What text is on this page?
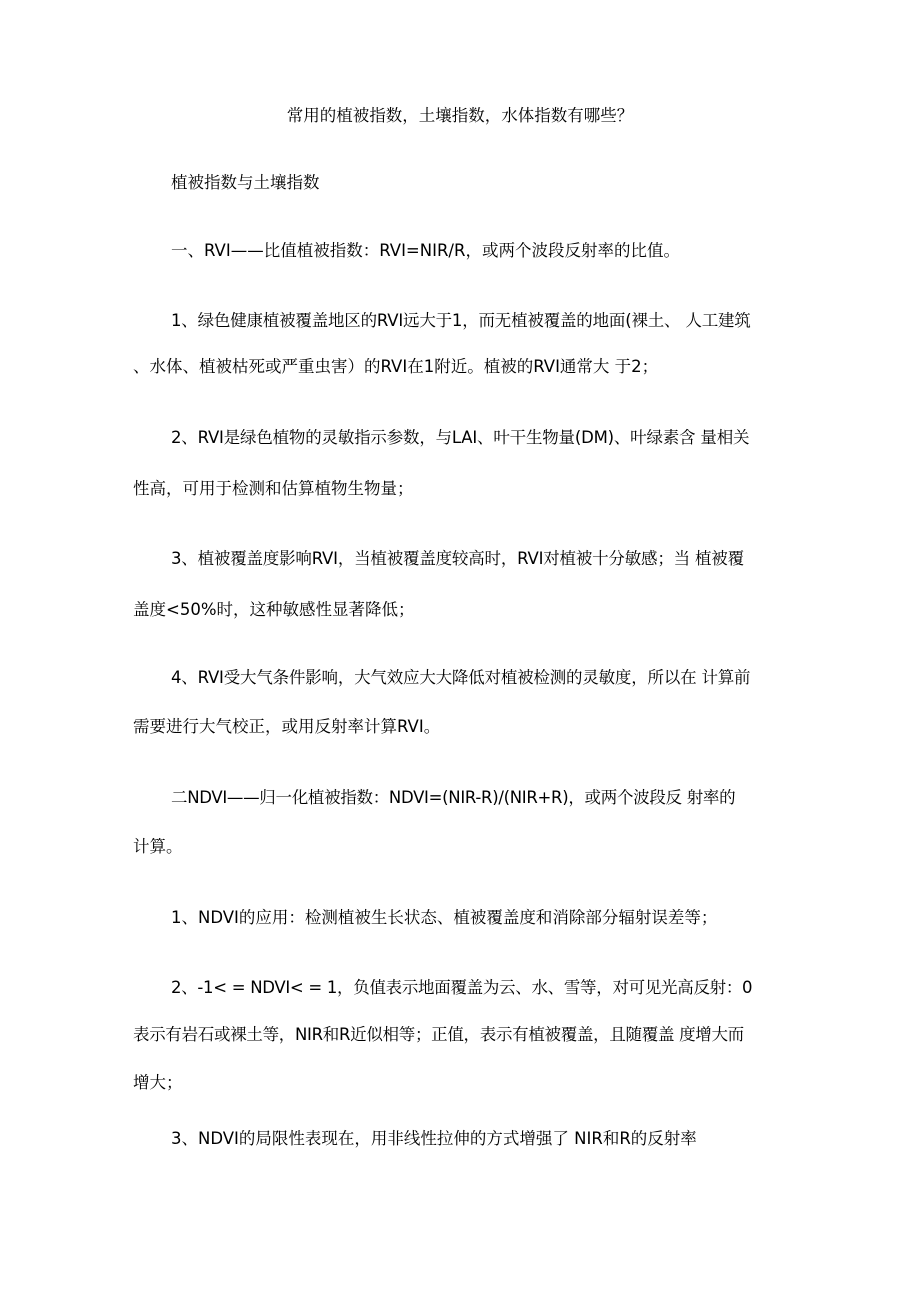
常用的植被指数，土壤指数，水体指数有哪些？
植被指数与土壤指数
一、RVI——比值植被指数：RVI=NIR/R，或两个波段反射率的比值。
1、绿色健康植被覆盖地区的RVI远大于1，而无植被覆盖的地面(裸土、 人工建筑
、水体、植被枯死或严重虫害）的RVI在1附近。植被的RVI通常大 于2；
2、RVI是绿色植物的灵敏指示参数，与LAI、叶干生物量(DM)、叶绿素含 量相关
性高，可用于检测和估算植物生物量；
3、植被覆盖度影响RVI，当植被覆盖度较高时，RVI对植被十分敏感；当 植被覆
盖度<50%时，这种敏感性显著降低；
4、RVI受大气条件影响，大气效应大大降低对植被检测的灵敏度，所以在 计算前
需要进行大气校正，或用反射率计算RVI。
二NDVI——归一化植被指数：NDVI=(NIR-R)/(NIR+R)，或两个波段反 射率的
计算。
1、NDVI的应用：检测植被生长状态、植被覆盖度和消除部分辐射误差等；
2、-1< = NDVI< = 1，负值表示地面覆盖为云、水、雪等，对可见光高反射：0
表示有岩石或裸土等，NIR和R近似相等；正值，表示有植被覆盖，且随覆盖 度增大而
增大；
3、NDVI的局限性表现在，用非线性拉伸的方式增强了 NIR和R的反射率
